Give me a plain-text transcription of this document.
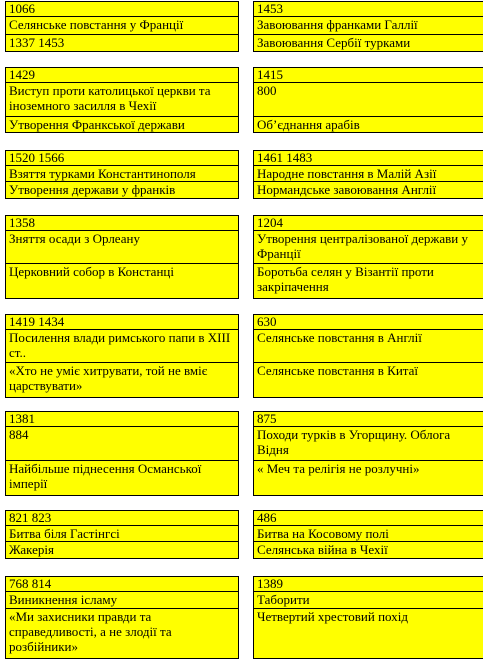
1066
Селянське повстання у Франції
1337 1453
1453
Завоювання франками Галлії
Завоювання Сербії турками
1429
Виступ проти католицької церкви та іноземного засилля в Чехії
Утворення Франкської держави
1415
800
Об’єднання арабів
1520 1566
Взяття турками Константинополя
Утворення держави у франків
1461 1483
Народне повстання в Малій Азії
Нормандське завоювання Англії
1358
Зняття осади з Орлеану
Церковний собор в Констанці
1204
Утворення централізованої держави у Франції
Боротьба селян у Візантії проти закріпачення
1419 1434
Посилення влади римського папи в ХІІІ ст..
«Хто не уміє хитрувати, той не вміє царствувати»
630
Селянське повстання в Англії
Селянське повстання в Китаї
1381
884
Найбільше піднесення Османської імперії
875
Походи турків в Угорщину. Облога Відня
« Меч та релігія не розлучні»
821 823
Битва біля Гастінгсі
Жакерія
486
Битва на Косовому полі
Селянська війна в Чехії
768 814
Виникнення ісламу
«Ми захисники правди та справедливості, а не злодії та розбійники»
1389
Таборити
Четвертий хрестовий похід
